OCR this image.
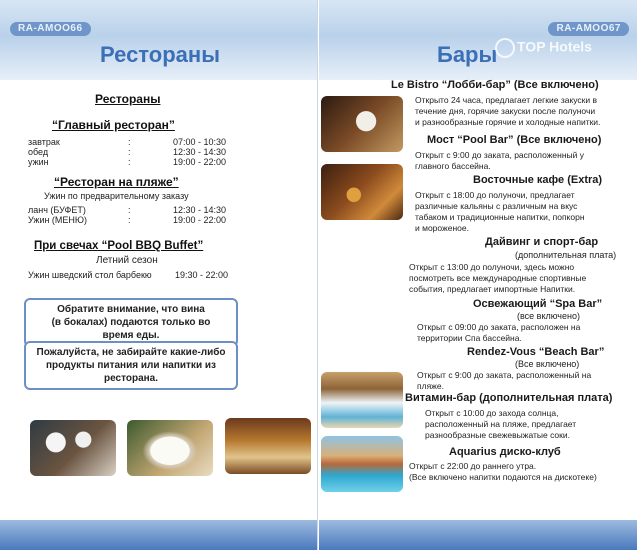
RA-AMOO66
Рестораны
Рестораны
“Главный ресторан”
завтрак	:	07:00 - 10:30
обед	:	12:30 - 14:30
ужин	:	19:00 - 22:00
“Ресторан на пляже”
Ужин по предварительному заказу
ланч (БУФЕТ)	:	12:30 - 14:30
Ужин (МЕНЮ)	:	19:00 - 22:00
При свечах “Pool BBQ Buffet”
Летний сезон
Ужин шведский стол барбекю	19:30 - 22:00
Обратите внимание, что вина
(в бокалах) подаются только во
время еды.
Пожалуйста, не забирайте какие-либо
продукты питания или напитки из
ресторана.
RA-AMOO67
Бары	TOP Hotels
Le Bistro “Лобби-бар” (Все включено)
Открыто 24 часа, предлагает легкие закуски в
течение дня, горячие закуски после полуночи
и разнообразные горячие и холодные напитки.
Мост “Pool Bar” (Все включено)
Открыт с 9:00 до заката, расположенный у
главного бассейна.
Восточные кафе (Extra)
Открыт с 18:00 до полуночи, предлагает
различные кальяны с различным на вкус
табаком и традиционные напитки, попкорн
и мороженое.
Дайвинг и спорт-бар
(дополнительная плата)
Открыт с 13:00 до полуночи, здесь можно
посмотреть все международные спортивные
события, предлагает импортные Напитки.
Освежающий “Spa Bar”
(все включено)
Открыт с 09:00 до заката, расположен на
территории Спа бассейна.
Rendez-Vous “Beach Bar”
(Все включено)
Открыт с 9:00 до заката, расположенный на
пляже.
Витамин-бар (дополнительная плата)
Открыт с 10:00 до захода солнца,
расположенный на пляже, предлагает
разнообразные свежевыжатые соки.
Aquarius диско-клуб
Открыт с 22:00 до раннего утра.
(Все включено напитки подаются на дискотеке)
